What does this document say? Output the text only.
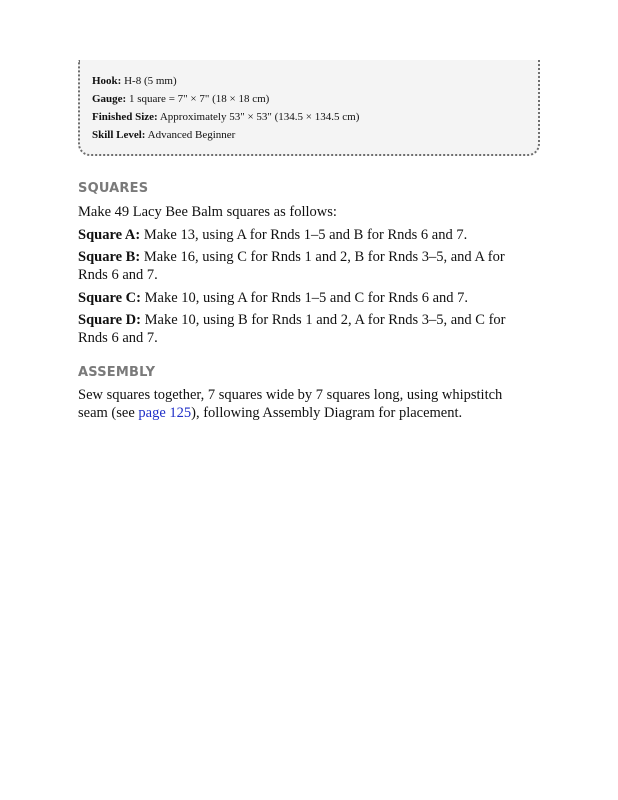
Hook: H-8 (5 mm)

Gauge: 1 square = 7" × 7" (18 × 18 cm)

Finished Size: Approximately 53" × 53" (134.5 × 134.5 cm)

Skill Level: Advanced Beginner

SQUARES

Make 49 Lacy Bee Balm squares as follows:

Square A: Make 13, using A for Rnds 1–5 and B for Rnds 6 and 7.

Square B: Make 16, using C for Rnds 1 and 2, B for Rnds 3–5, and A for Rnds 6 and 7.

Square C: Make 10, using A for Rnds 1–5 and C for Rnds 6 and 7.

Square D: Make 10, using B for Rnds 1 and 2, A for Rnds 3–5, and C for Rnds 6 and 7.

ASSEMBLY

Sew squares together, 7 squares wide by 7 squares long, using whipstitch seam (see page 125), following Assembly Diagram for placement.
